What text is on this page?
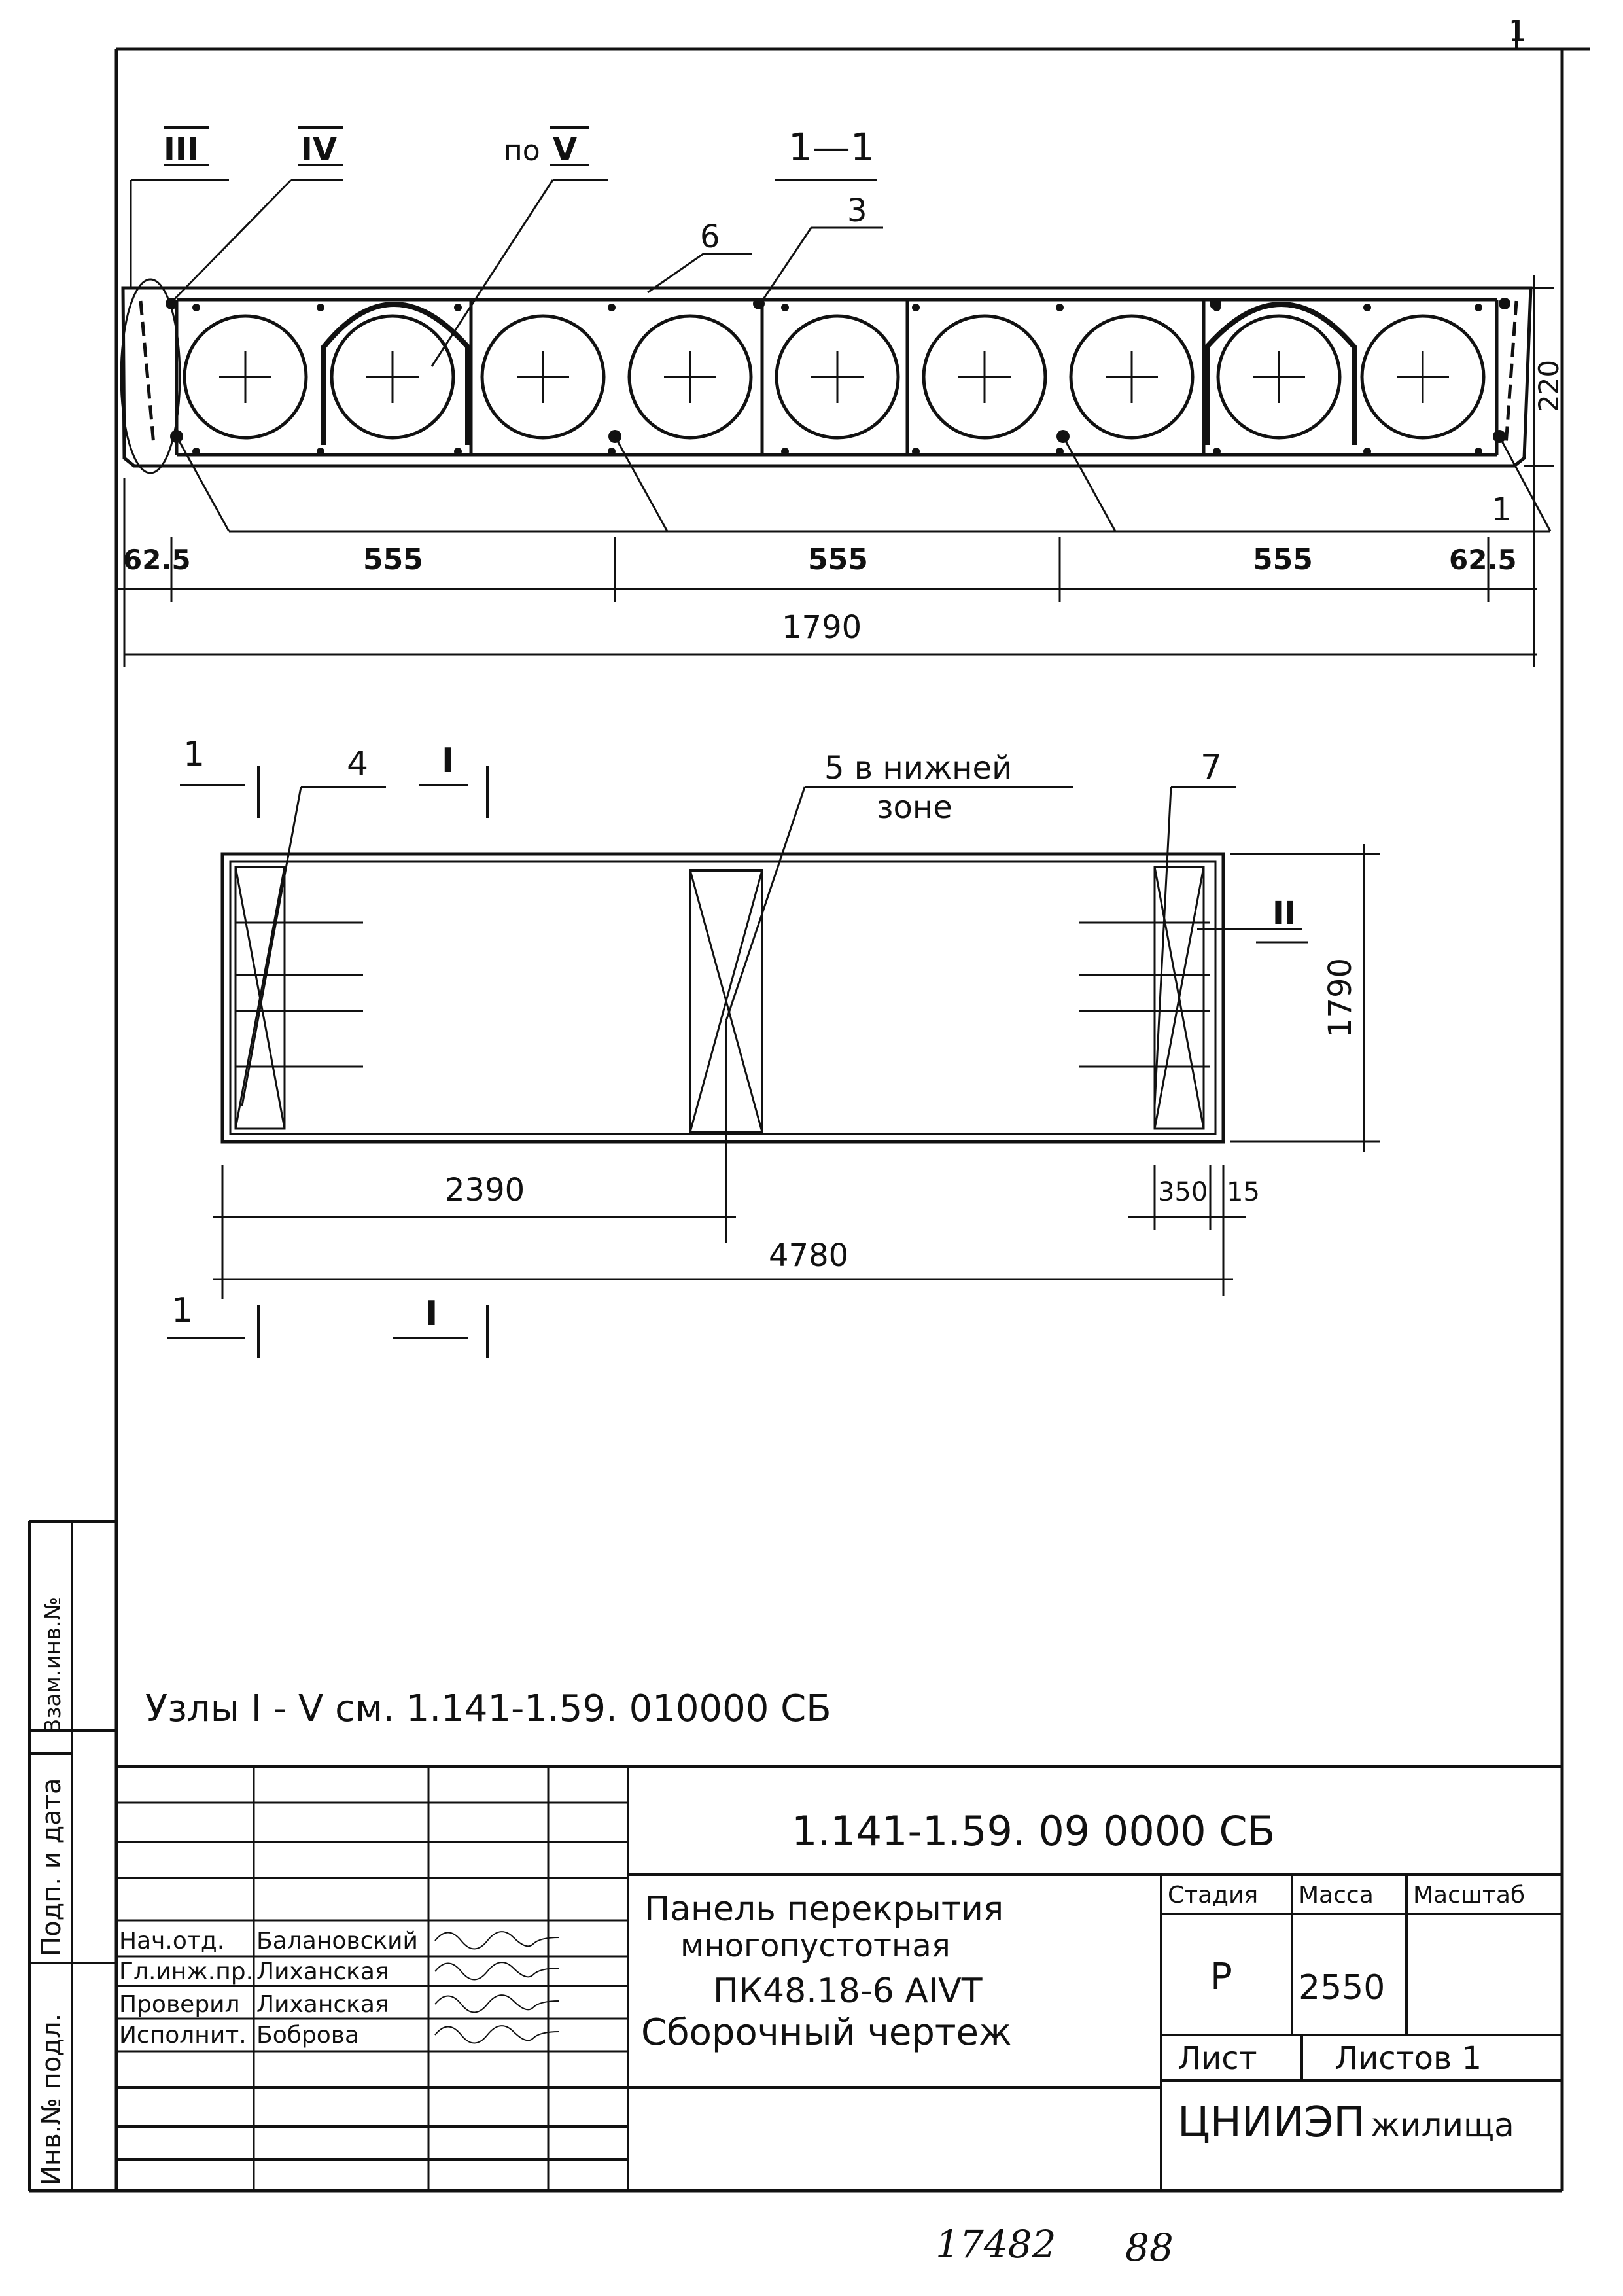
1
III	IV	по V	1—1
6
3
1
220
62.5	555	555	555	62.5
1790
1	4 I	5 в нижней
зоне
7
II
1790
2390	350 15
4780
1	I
Узлы I - V см. 1.141-1.59. 010000 СБ
Взам.инв.№
Подп. и дата
Инв.№ подл.
1.141-1.59. 09 0000 СБ
Панель перекрытия
многопустотная
ПК48.18-6 АIVТ
Сборочный чертеж
Стадия Масса Масштаб
Р 2550
Лист Листов 1
ЦНИИЭП жилища
Нач.отд. Балановский
Гл.инж.пр. Лиханская
Проверил Лиханская
Исполнит. Боброва
17482 88
